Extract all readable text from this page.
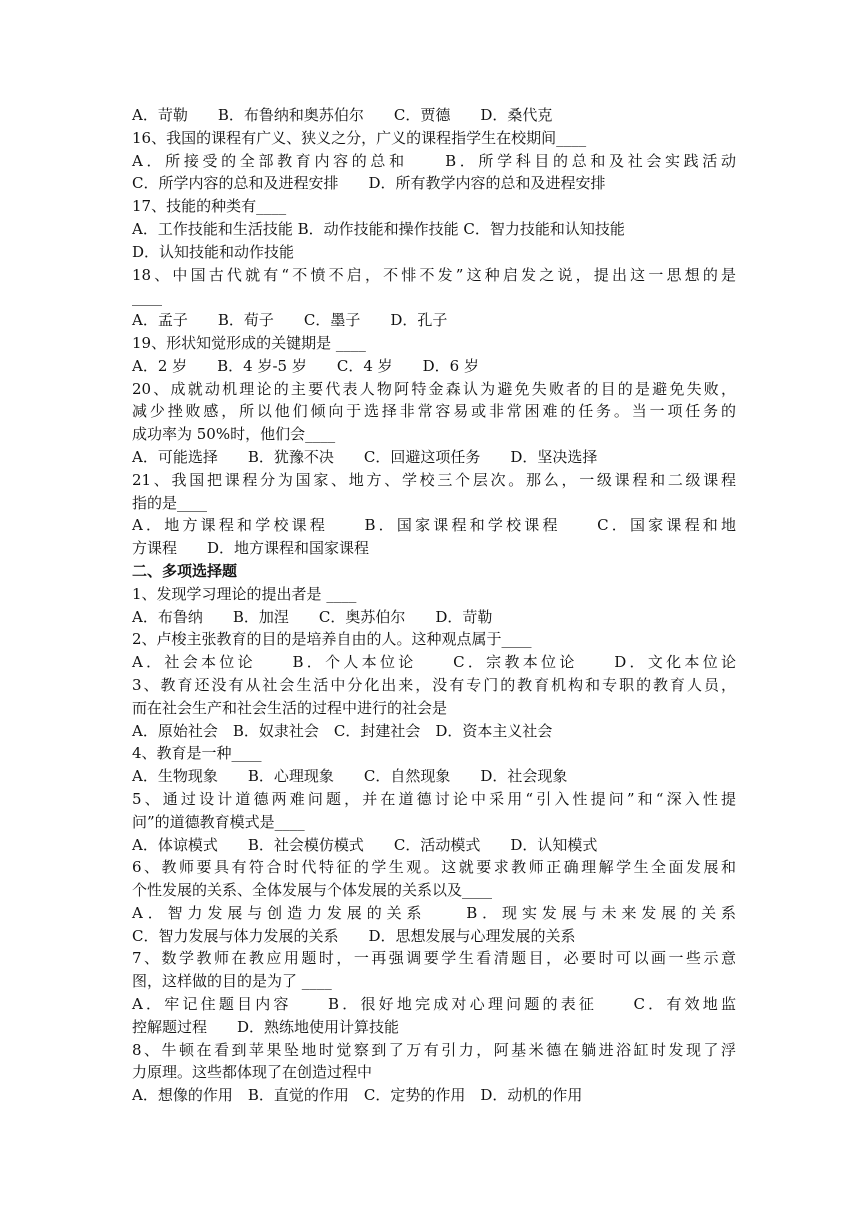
A．苛勒　　B．布鲁纳和奥苏伯尔　　C．贾德　　D．桑代克
16、我国的课程有广义、狭义之分，广义的课程指学生在校期间____
A．所接受的全部教育内容的总和　　B．所学科目的总和及社会实践活动
C．所学内容的总和及进程安排　　D．所有教学内容的总和及进程安排
17、技能的种类有____
A．工作技能和生活技能 B．动作技能和操作技能 C．智力技能和认知技能
D．认知技能和动作技能
18、中国古代就有“不愤不启，不悱不发”这种启发之说，提出这一思想的是
____
A．孟子　　B．荀子　　C．墨子　　D．孔子
19、形状知觉形成的关键期是 ____
A．2 岁　　B．4 岁-5 岁　　C．4 岁　　D．6 岁
20、成就动机理论的主要代表人物阿特金森认为避免失败者的目的是避免失败，
减少挫败感，所以他们倾向于选择非常容易或非常困难的任务。当一项任务的
成功率为 50%时，他们会____
A．可能选择　　B．犹豫不决　　C．回避这项任务　　D．坚决选择
21、我国把课程分为国家、地方、学校三个层次。那么，一级课程和二级课程
指的是____
A．地方课程和学校课程　　B．国家课程和学校课程　　C．国家课程和地
方课程　　D．地方课程和国家课程
二、多项选择题
1、发现学习理论的提出者是 ____
A．布鲁纳　　B．加涅　　C．奥苏伯尔　　D．苛勒
2、卢梭主张教育的目的是培养自由的人。这种观点属于____
A．社会本位论　　B．个人本位论　　C．宗教本位论　　D．文化本位论
3、教育还没有从社会生活中分化出来，没有专门的教育机构和专职的教育人员，
而在社会生产和社会生活的过程中进行的社会是
A．原始社会　B．奴隶社会　C．封建社会　D．资本主义社会
4、教育是一种____
A．生物现象　　B．心理现象　　C．自然现象　　D．社会现象
5、通过设计道德两难问题，并在道德讨论中采用“引入性提问”和“深入性提
问”的道德教育模式是____
A．体谅模式　　B．社会模仿模式　　C．活动模式　　D．认知模式
6、教师要具有符合时代特征的学生观。这就要求教师正确理解学生全面发展和
个性发展的关系、全体发展与个体发展的关系以及____
A．智力发展与创造力发展的关系　　B．现实发展与未来发展的关系
C．智力发展与体力发展的关系　　D．思想发展与心理发展的关系
7、数学教师在教应用题时，一再强调要学生看清题目，必要时可以画一些示意
图，这样做的目的是为了 ____
A．牢记住题目内容　　B．很好地完成对心理问题的表征　　C．有效地监
控解题过程　　D．熟练地使用计算技能
8、牛顿在看到苹果坠地时觉察到了万有引力，阿基米德在躺进浴缸时发现了浮
力原理。这些都体现了在创造过程中
A．想像的作用　B．直觉的作用　C．定势的作用　D．动机的作用
